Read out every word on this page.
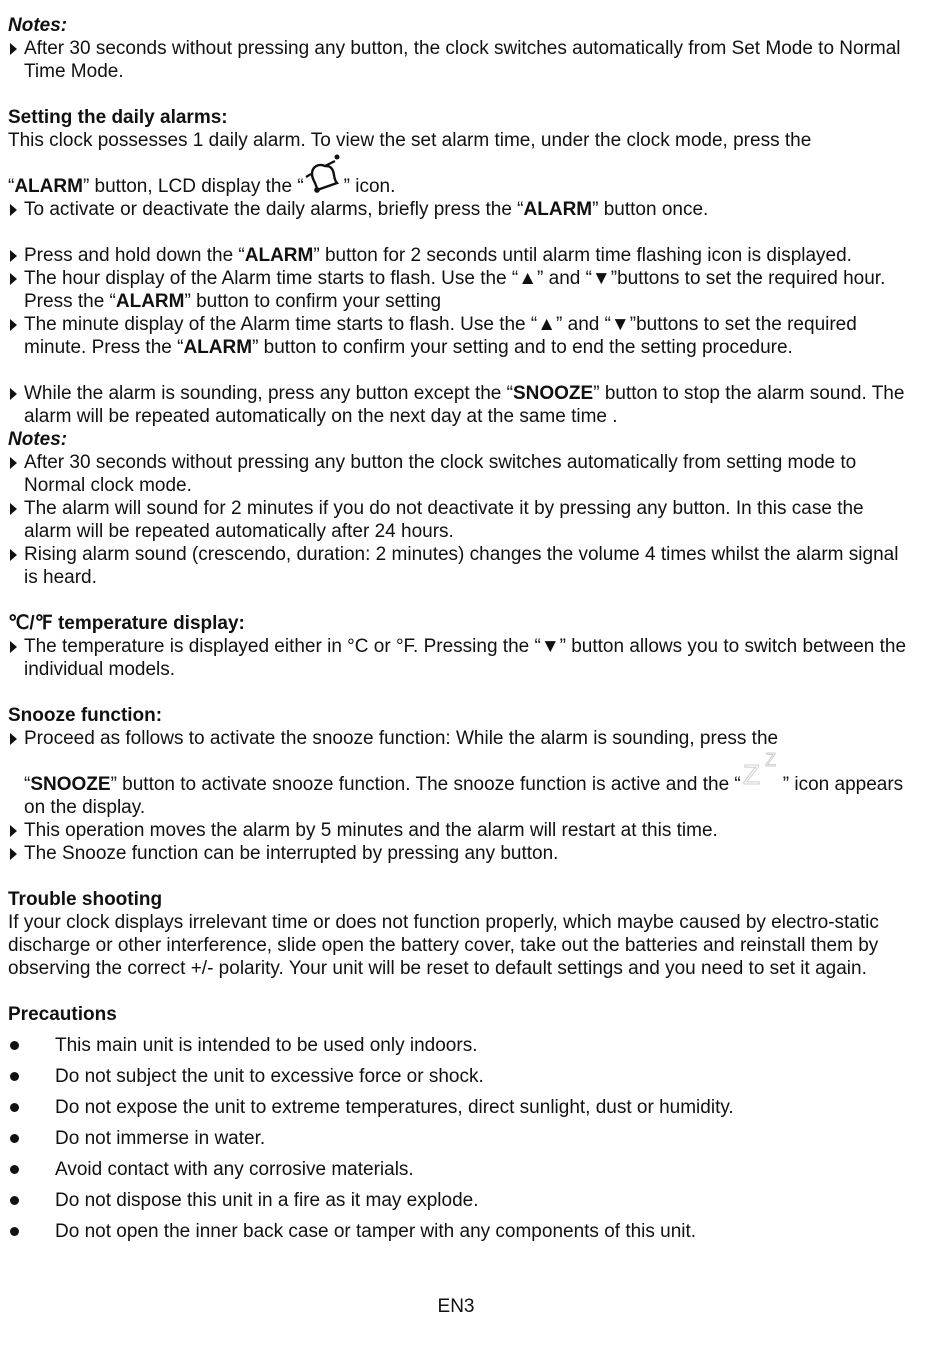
Notes:

After 30 seconds without pressing any button, the clock switches automatically from Set Mode to Normal Time Mode.

Setting the daily alarms:

This clock possesses 1 daily alarm. To view the set alarm time, under the clock mode, press the
“ALARM” button, LCD display the “ ” icon.

To activate or deactivate the daily alarms, briefly press the “ALARM” button once.
Press and hold down the “ALARM” button for 2 seconds until alarm time flashing icon is displayed.
The hour display of the Alarm time starts to flash. Use the “▲” and “▼”buttons to set the required hour. Press the “ALARM” button to confirm your setting
The minute display of the Alarm time starts to flash. Use the “▲” and “▼”buttons to set the required minute. Press the “ALARM” button to confirm your setting and to end the setting procedure.
While the alarm is sounding, press any button except the “SNOOZE” button to stop the alarm sound. The alarm will be repeated automatically on the next day at the same time .

Notes:

After 30 seconds without pressing any button the clock switches automatically from setting mode to Normal clock mode.
The alarm will sound for 2 minutes if you do not deactivate it by pressing any button. In this case the alarm will be repeated automatically after 24 hours.
Rising alarm sound (crescendo, duration: 2 minutes) changes the volume 4 times whilst the alarm signal is heard.

℃/℉ temperature display:

The temperature is displayed either in °C or °F. Pressing the “▼” button allows you to switch between the individual models.

Snooze function:

Proceed as follows to activate the snooze function: While the alarm is sounding, press the
“SNOOZE” button to activate snooze function. The snooze function is active and the “ Z Z
” icon appears on the display.
This operation moves the alarm by 5 minutes and the alarm will restart at this time.
The Snooze function can be interrupted by pressing any button.

Trouble shooting

If your clock displays irrelevant time or does not function properly, which maybe caused by electro-static discharge or other interference, slide open the battery cover, take out the batteries and reinstall them by observing the correct +/- polarity. Your unit will be reset to default settings and you need to set it again.

Precautions

This main unit is intended to be used only indoors.
Do not subject the unit to excessive force or shock.
Do not expose the unit to extreme temperatures, direct sunlight, dust or humidity.
Do not immerse in water.
Avoid contact with any corrosive materials.
Do not dispose this unit in a fire as it may explode.
Do not open the inner back case or tamper with any components of this unit.
EN3
